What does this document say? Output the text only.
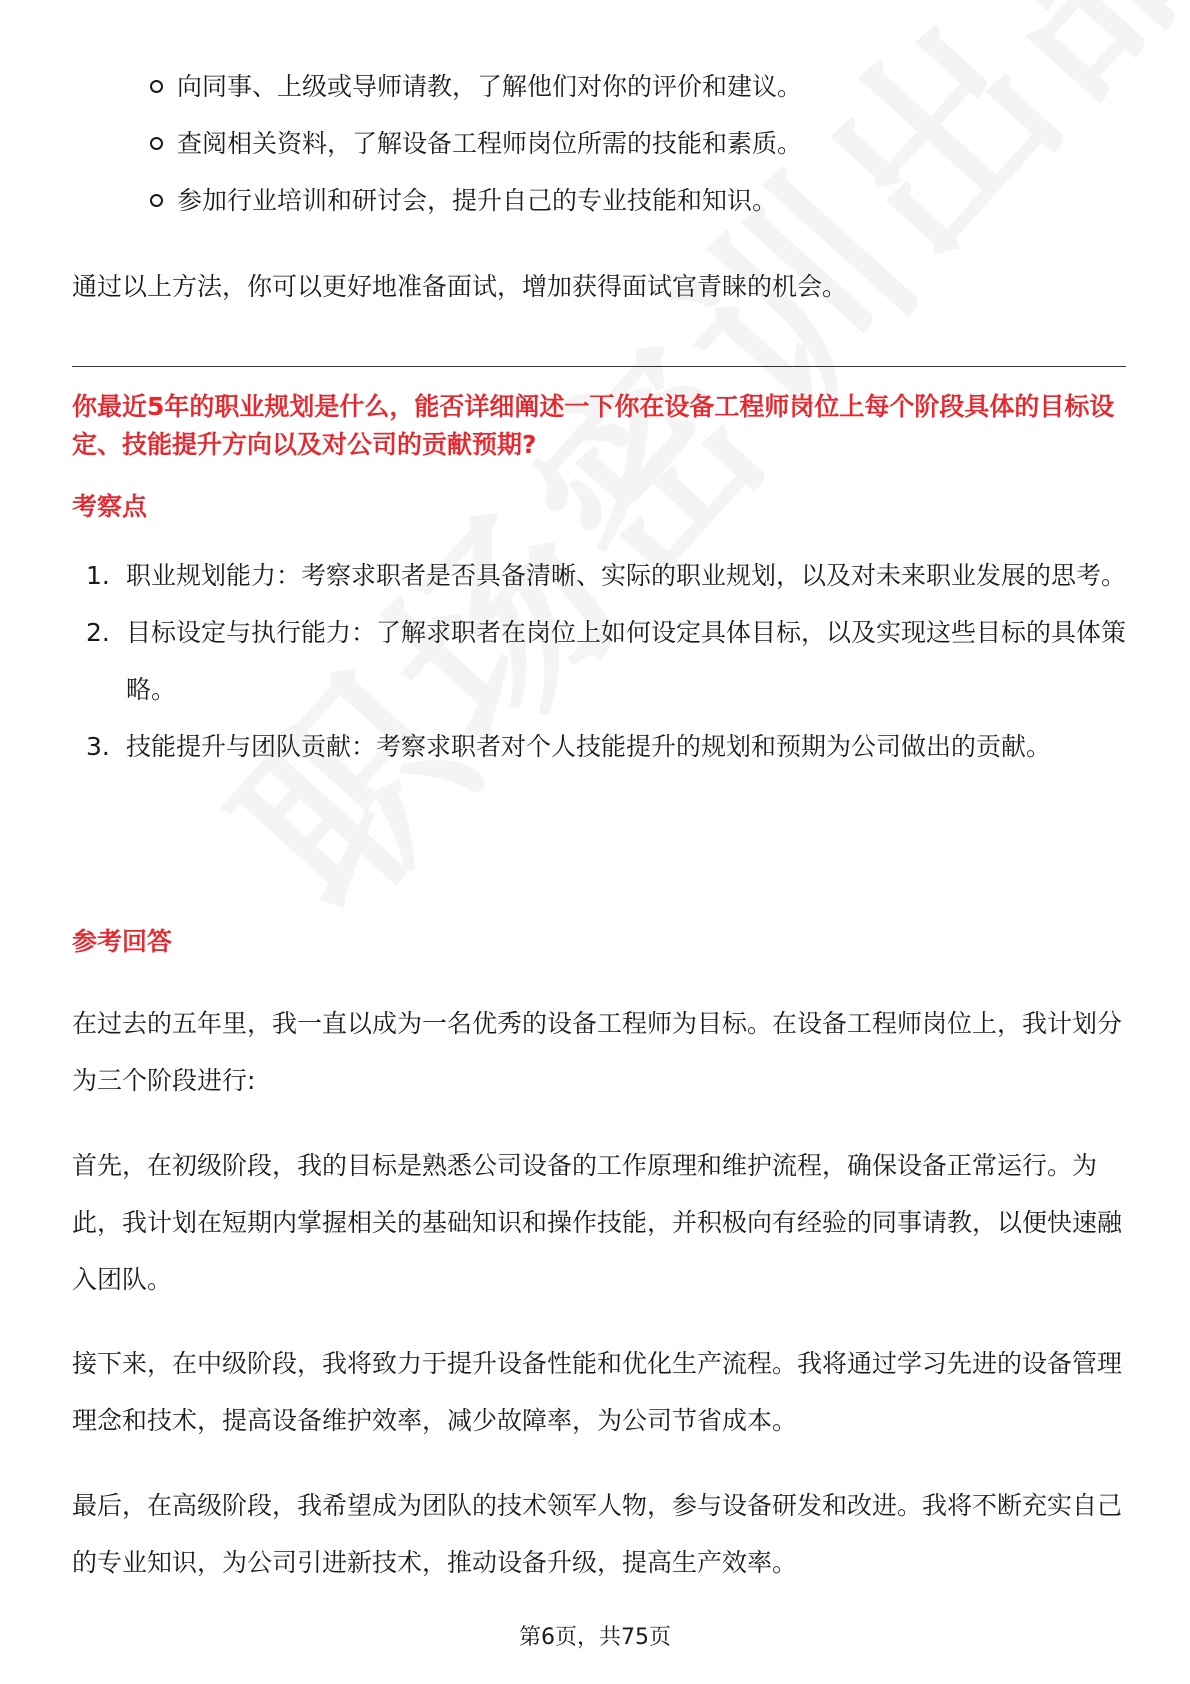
向同事、上级或导师请教，了解他们对你的评价和建议。
查阅相关资料，了解设备工程师岗位所需的技能和素质。
参加行业培训和研讨会，提升自己的专业技能和知识。
通过以上方法，你可以更好地准备面试，增加获得面试官青睐的机会。
你最近5年的职业规划是什么，能否详细阐述一下你在设备工程师岗位上每个阶段具体的目标设定、技能提升方向以及对公司的贡献预期?
考察点
1. 职业规划能力：考察求职者是否具备清晰、实际的职业规划，以及对未来职业发展的思考。
2. 目标设定与执行能力：了解求职者在岗位上如何设定具体目标，以及实现这些目标的具体策略。
3. 技能提升与团队贡献：考察求职者对个人技能提升的规划和预期为公司做出的贡献。
参考回答
在过去的五年里，我一直以成为一名优秀的设备工程师为目标。在设备工程师岗位上，我计划分为三个阶段进行:
首先，在初级阶段，我的目标是熟悉公司设备的工作原理和维护流程，确保设备正常运行。为此，我计划在短期内掌握相关的基础知识和操作技能，并积极向有经验的同事请教，以便快速融入团队。
接下来，在中级阶段，我将致力于提升设备性能和优化生产流程。我将通过学习先进的设备管理理念和技术，提高设备维护效率，减少故障率，为公司节省成本。
最后，在高级阶段，我希望成为团队的技术领军人物，参与设备研发和改进。我将不断充实自己的专业知识，为公司引进新技术，推动设备升级，提高生产效率。
第6页，共75页
